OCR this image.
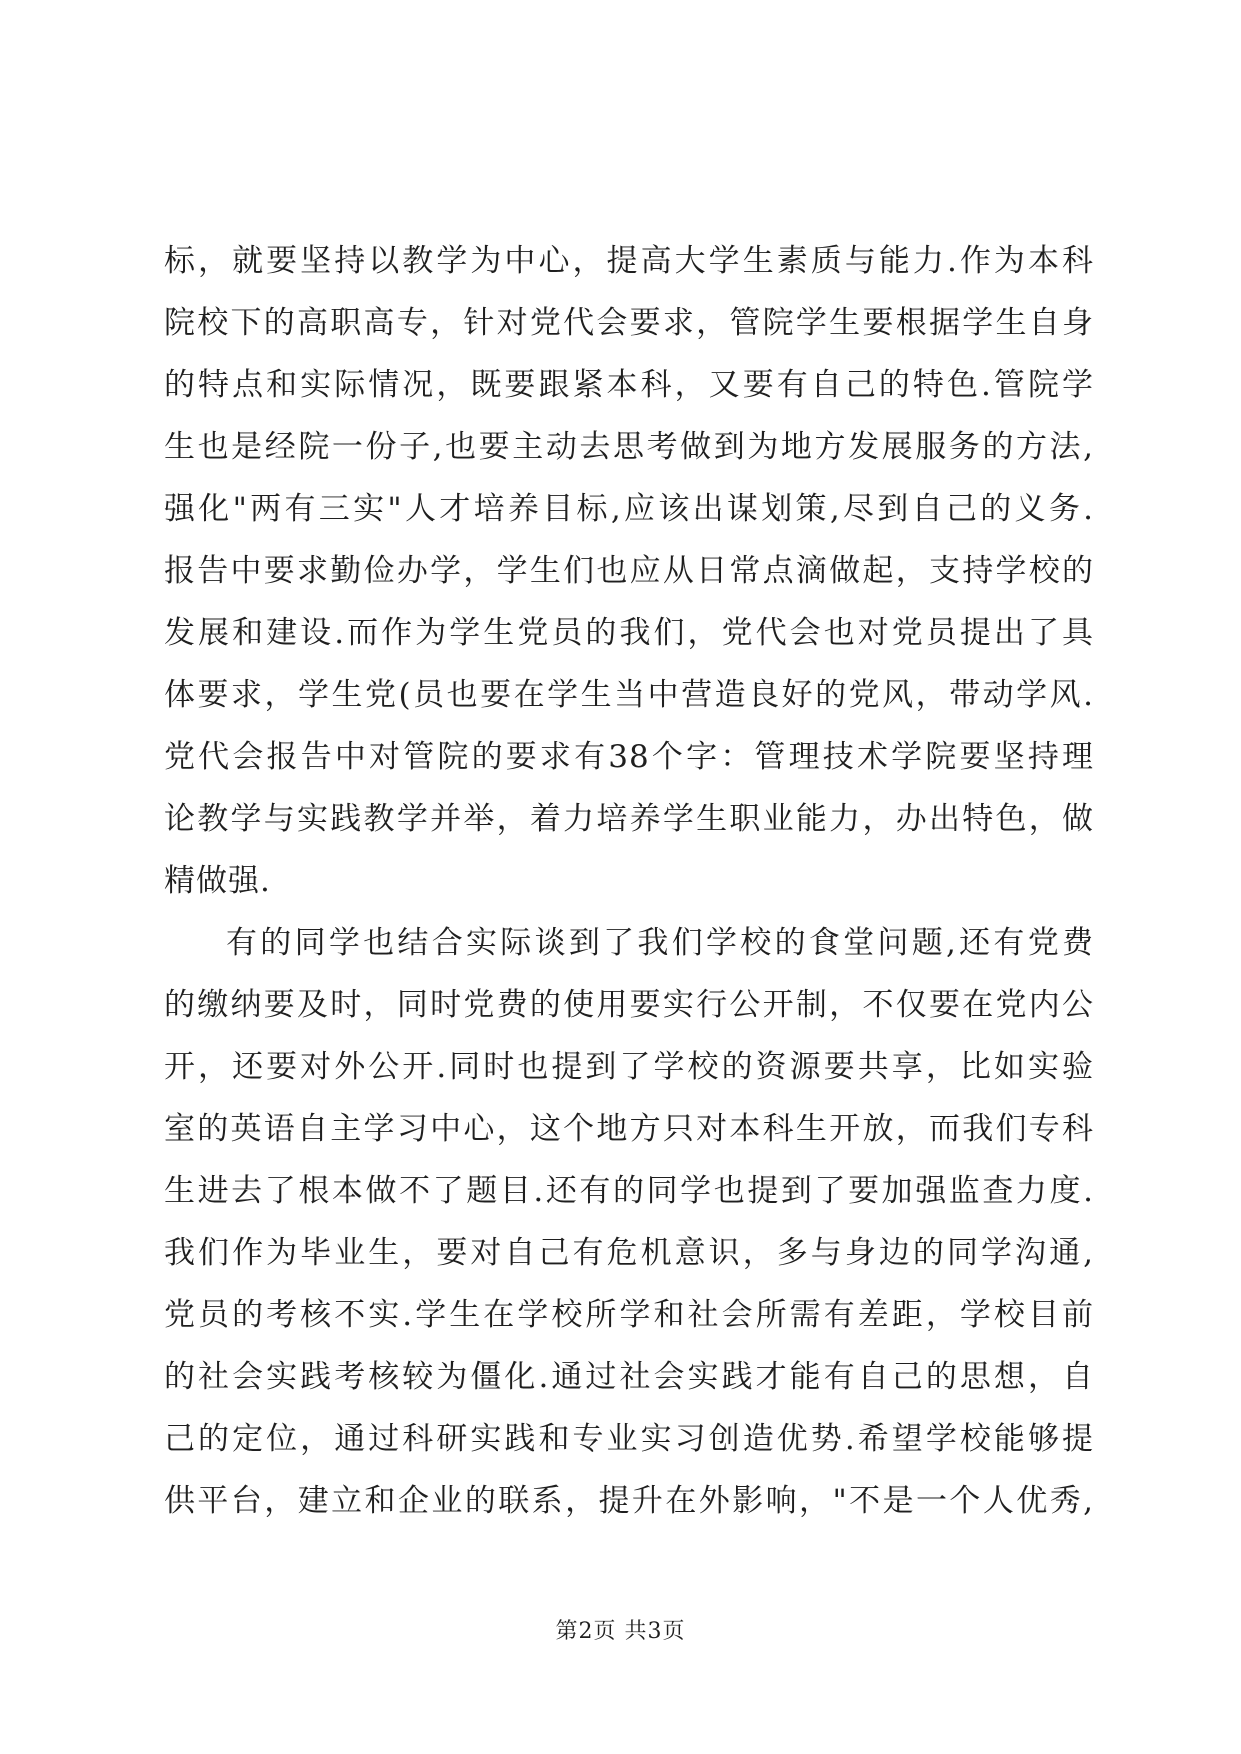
标，就要坚持以教学为中心，提高大学生素质与能力.作为本科
院校下的高职高专，针对党代会要求，管院学生要根据学生自身
的特点和实际情况，既要跟紧本科，又要有自己的特色.管院学
生也是经院一份子,也要主动去思考做到为地方发展服务的方法,
强化"两有三实"人才培养目标,应该出谋划策,尽到自己的义务.
报告中要求勤俭办学，学生们也应从日常点滴做起，支持学校的
发展和建设.而作为学生党员的我们，党代会也对党员提出了具
体要求，学生党(员也要在学生当中营造良好的党风，带动学风.
党代会报告中对管院的要求有38个字：管理技术学院要坚持理
论教学与实践教学并举，着力培养学生职业能力，办出特色，做
精做强.
有的同学也结合实际谈到了我们学校的食堂问题,还有党费
的缴纳要及时，同时党费的使用要实行公开制，不仅要在党内公
开，还要对外公开.同时也提到了学校的资源要共享，比如实验
室的英语自主学习中心，这个地方只对本科生开放，而我们专科
生进去了根本做不了题目.还有的同学也提到了要加强监查力度.
我们作为毕业生，要对自己有危机意识，多与身边的同学沟通,
党员的考核不实.学生在学校所学和社会所需有差距，学校目前
的社会实践考核较为僵化.通过社会实践才能有自己的思想，自
己的定位，通过科研实践和专业实习创造优势.希望学校能够提
供平台，建立和企业的联系，提升在外影响，"不是一个人优秀,
第2页 共3页
